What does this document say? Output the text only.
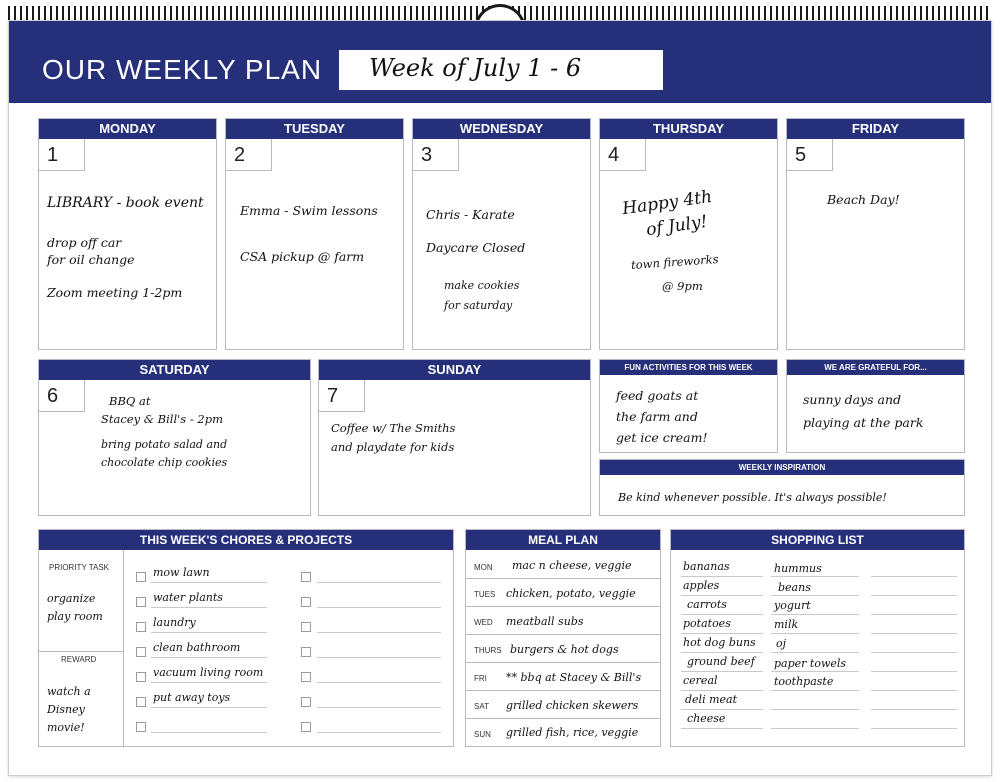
OUR WEEKLY PLAN Week of July 1 - 6
MONDAY
1
LIBRARY - book event
drop off car
for oil change
Zoom meeting 1-2pm
TUESDAY
2
Emma - Swim lessons
CSA pickup @ farm
WEDNESDAY
3
Chris - Karate
Daycare Closed
make cookies
for saturday
THURSDAY
4
Happy 4th
of July!
town fireworks
@ 9pm
FRIDAY
5
Beach Day!
SATURDAY
6	BBQ at
Stacey & Bill's - 2pm
bring potato salad and
chocolate chip cookies
SUNDAY
7
Coffee w/ The Smiths
and playdate for kids
FUN ACTIVITIES FOR THIS WEEK
feed goats at
the farm and
get ice cream!
WE ARE GRATEFUL FOR...
sunny days and
playing at the park
WEEKLY INSPIRATION
Be kind whenever possible. It's always possible!
THIS WEEK'S CHORES & PROJECTS
PRIORITY TASK
organize
play room
REWARD
watch a
Disney
movie!
mow lawn
water plants
laundry
clean bathroom
vacuum living room
put away toys
MEAL PLAN
MON mac n cheese, veggie
TUES chicken, potato, veggie
WED meatball subs
THURS burgers & hot dogs
FRI ** bbq at Stacey & Bill's
SAT grilled chicken skewers
SUN grilled fish, rice, veggie
SHOPPING LIST
bananas
apples
carrots
potatoes
hot dog buns
ground beef
cereal
deli meat
cheese
hummus
beans
yogurt
milk
oj
paper towels
toothpaste
